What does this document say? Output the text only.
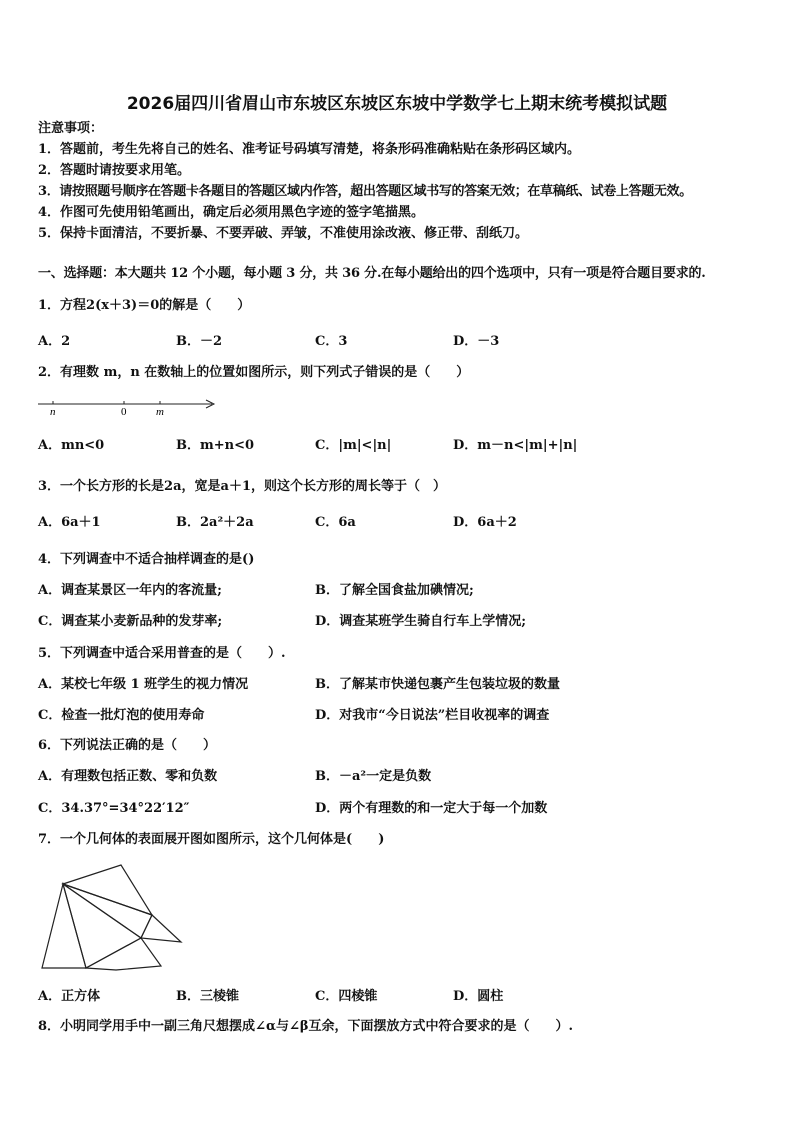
2026届四川省眉山市东坡区东坡区东坡中学数学七上期末统考模拟试题
注意事项：
1．答题前，考生先将自己的姓名、准考证号码填写清楚，将条形码准确粘贴在条形码区域内。
2．答题时请按要求用笔。
3．请按照题号顺序在答题卡各题目的答题区域内作答，超出答题区域书写的答案无效；在草稿纸、试卷上答题无效。
4．作图可先使用铅笔画出，确定后必须用黑色字迹的签字笔描黑。
5．保持卡面清洁，不要折暴、不要弄破、弄皱，不准使用涂改液、修正带、刮纸刀。
一、选择题：本大题共 12 个小题，每小题 3 分，共 36 分.在每小题给出的四个选项中，只有一项是符合题目要求的.
1．方程2(x＋3)＝0的解是（　　）
A．2	B．－2	C．3	D．－3
2．有理数 m，n 在数轴上的位置如图所示，则下列式子错误的是（　　）
n	0	m
A．mn<0	B．m+n<0	C．|m|<|n|	D．m－n<|m|+|n|
3．一个长方形的长是2a，宽是a＋1，则这个长方形的周长等于（　）
A．6a＋1	B．2a²＋2a	C．6a	D．6a＋2
4．下列调查中不适合抽样调查的是()
A．调查某景区一年内的客流量;	B．了解全国食盐加碘情况;
C．调查某小麦新品种的发芽率;	D．调查某班学生骑自行车上学情况;
5．下列调查中适合采用普查的是（　　）.
A．某校七年级 1 班学生的视力情况	B．了解某市快递包裹产生包装垃圾的数量
C．检查一批灯泡的使用寿命	D．对我市“今日说法”栏目收视率的调查
6．下列说法正确的是（　　）
A．有理数包括正数、零和负数	B．－a²一定是负数
C．34.37°=34°22′12″	D．两个有理数的和一定大于每一个加数
7．一个几何体的表面展开图如图所示，这个几何体是(　　)
A．正方体	B．三棱锥	C．四棱锥	D．圆柱
8．小明同学用手中一副三角尺想摆成∠α与∠β互余，下面摆放方式中符合要求的是（　　）.
